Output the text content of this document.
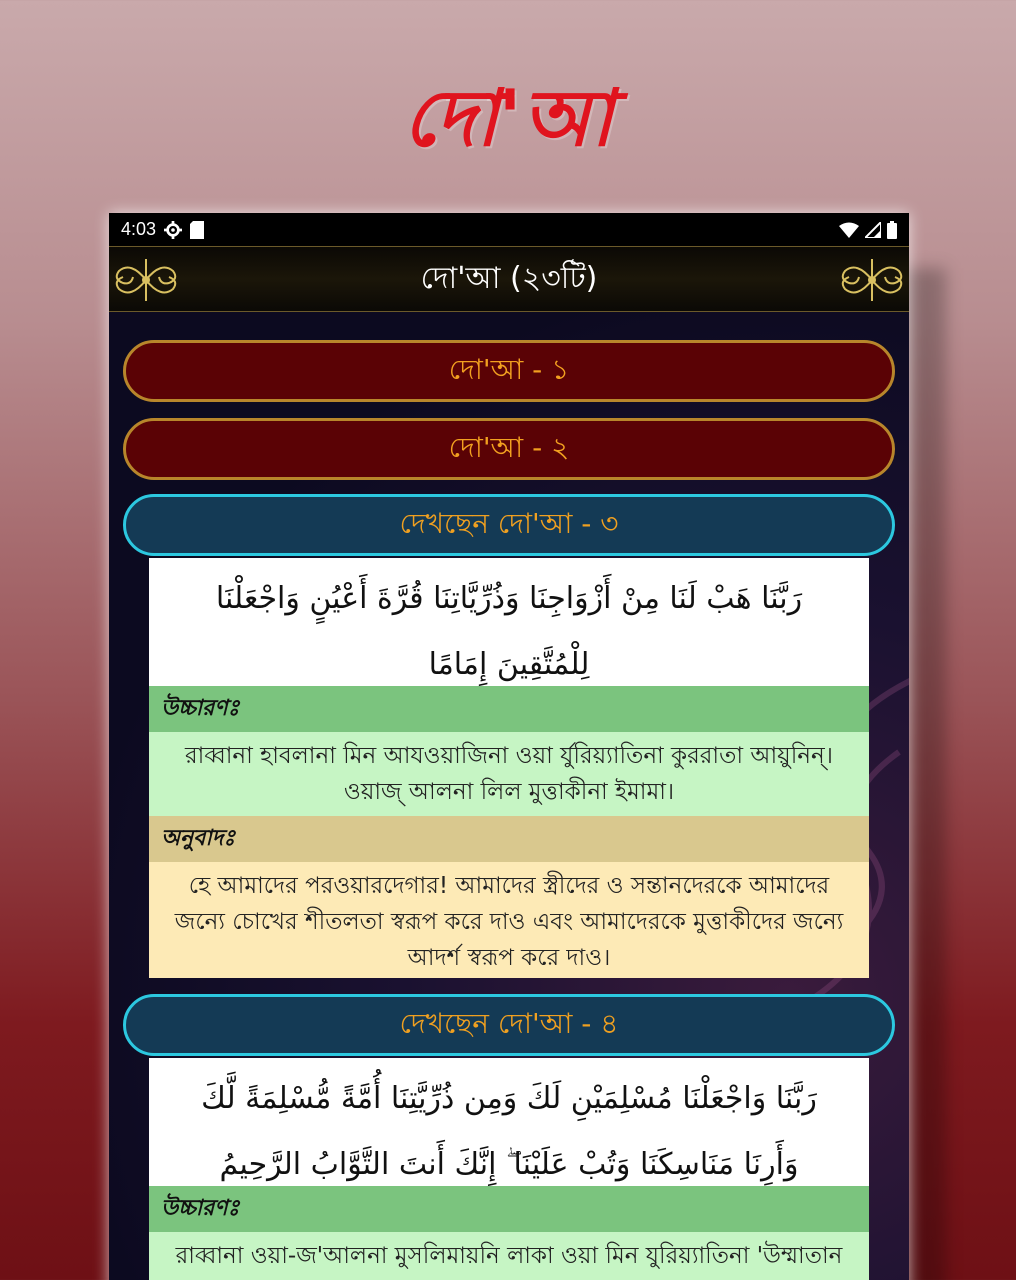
দো'আ
4:03
দো'আ (২৩টি)
দো'আ - ১
দো'আ - ২
দেখছেন দো'আ - ৩
رَبَّنَا هَبْ لَنَا مِنْ أَزْوَاجِنَا وَذُرِّيَّاتِنَا قُرَّةَ أَعْيُنٍ وَاجْعَلْنَا لِلْمُتَّقِينَ إِمَامًا
উচ্চারণঃ
রাব্বানা হাবলানা মিন আযওয়াজিনা ওয়া র্যুরিয়্যাতিনা কুররাতা আয়ুনিন্‌। ওয়াজ্‌ আলনা লিল মুত্তাকীনা ইমামা।
অনুবাদঃ
হে আমাদের পরওয়ারদেগার! আমাদের স্ত্রীদের ও সন্তানদেরকে আমাদের জন্যে চোখের শীতলতা স্বরূপ করে দাও এবং আমাদেরকে মুত্তাকীদের জন্যে আদর্শ স্বরূপ করে দাও।
দেখছেন দো'আ - ৪
رَبَّنَا وَاجْعَلْنَا مُسْلِمَيْنِ لَكَ وَمِن ذُرِّيَّتِنَا أُمَّةً مُّسْلِمَةً لَّكَ وَأَرِنَا مَنَاسِكَنَا وَتُبْ عَلَيْنَا ۖ إِنَّكَ أَنتَ التَّوَّابُ الرَّحِيمُ
উচ্চারণঃ
রাব্বানা ওয়া-জ'আলনা মুসলিমায়নি লাকা ওয়া মিন যুরিয়্যাতিনা 'উম্মাতান
